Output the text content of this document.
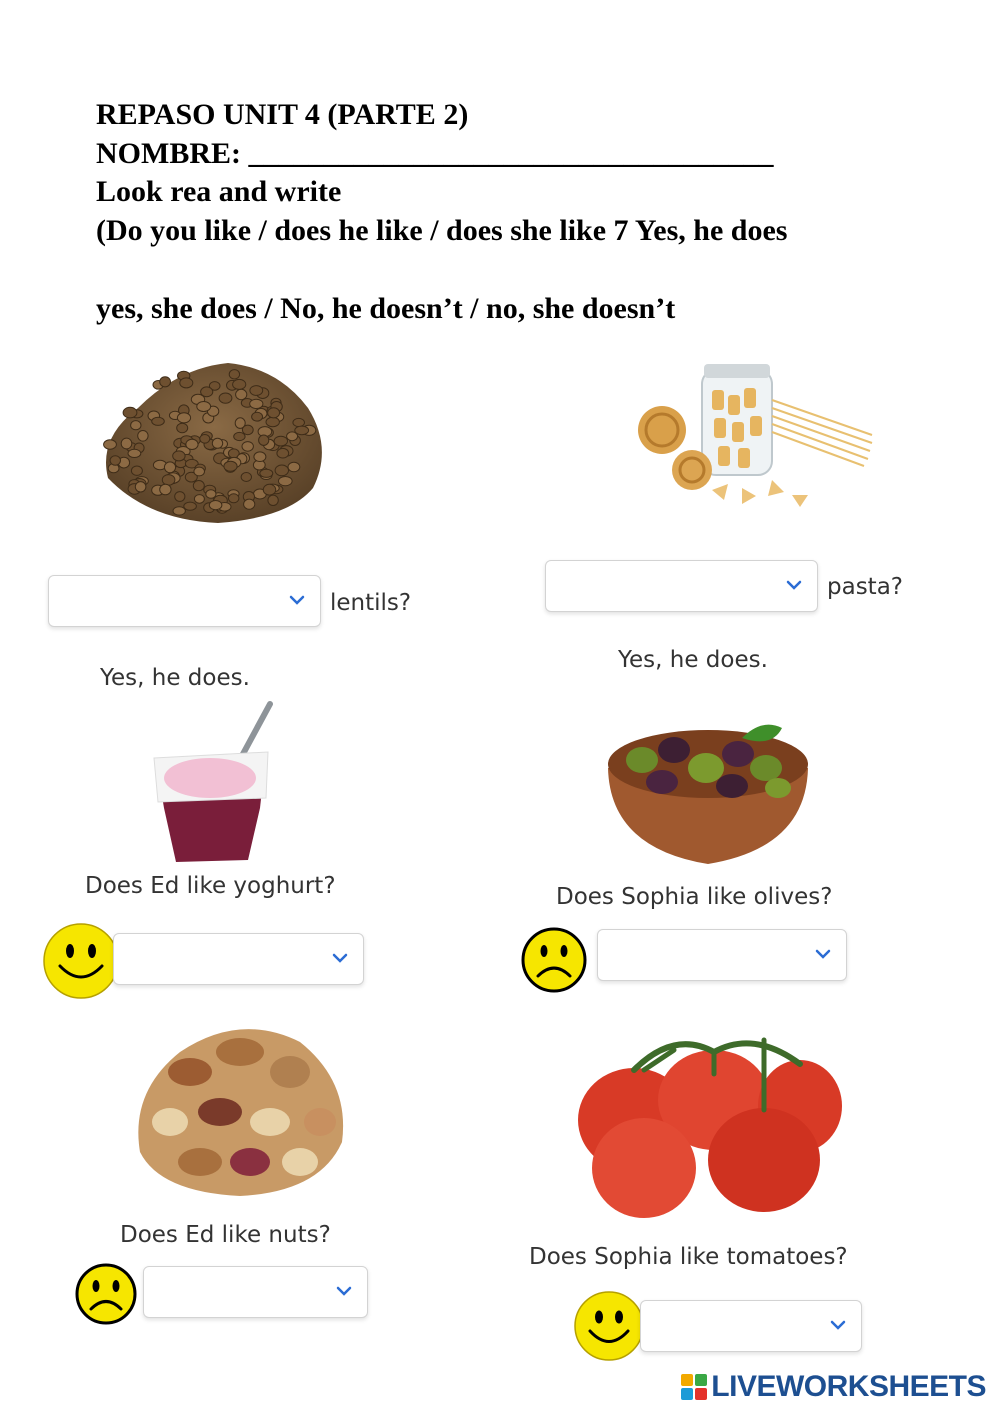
REPASO UNIT 4 (PARTE 2)
NOMBRE: ___________________________________
Look rea and write
(Do you like / does he like / does she like 7 Yes, he does
yes, she does / No, he doesn’t / no, she doesn’t
lentils?
pasta?
Yes, he does.
Yes, he does.
Does Ed like yoghurt?	Does Sophia like olives?
Does Ed like nuts?
Does Sophia like tomatoes?
LIVEWORKSHEETS
